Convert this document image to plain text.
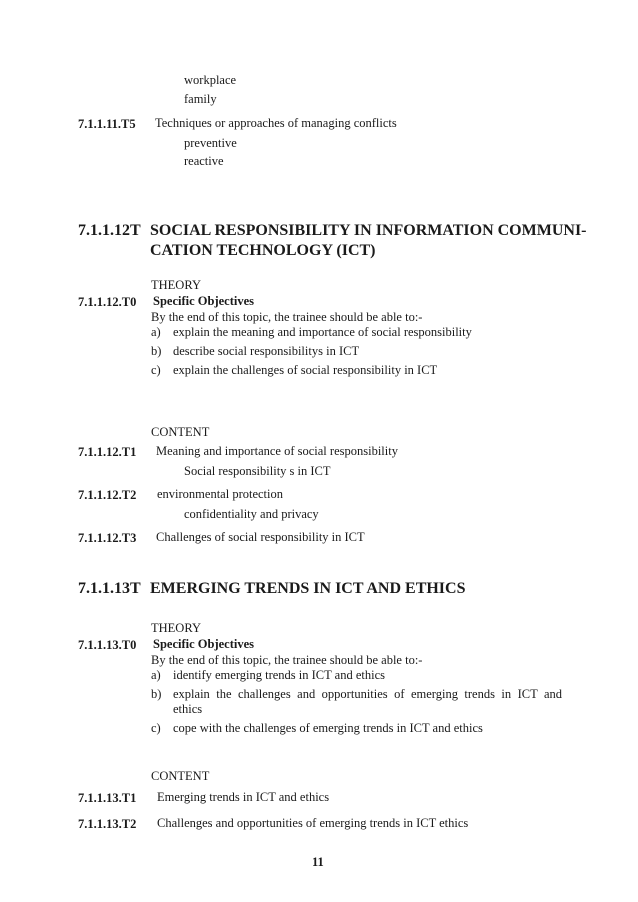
workplace
family
7.1.1.11.T5 Techniques or approaches of managing conflicts
preventive
reactive
7.1.1.12T SOCIAL RESPONSIBILITY IN INFORMATION COMMUNI-
CATION TECHNOLOGY (ICT)
THEORY
7.1.1.12.T0 Specific Objectives
By the end of this topic, the trainee should be able to:-
a) explain the meaning and importance of social responsibility
b) describe social responsibilitys in ICT
c) explain the challenges of social responsibility in ICT
CONTENT
7.1.1.12.T1 Meaning and importance of social responsibility
Social responsibility s in ICT
7.1.1.12.T2 environmental protection
confidentiality and privacy
7.1.1.12.T3 Challenges of social responsibility in ICT
7.1.1.13T EMERGING TRENDS IN ICT AND ETHICS
THEORY
7.1.1.13.T0 Specific Objectives
By the end of this topic, the trainee should be able to:-
a) identify emerging trends in ICT and ethics
b) explain the challenges and opportunities of emerging trends in ICT and
ethics
c) cope with the challenges of emerging trends in ICT and ethics
CONTENT
7.1.1.13.T1 Emerging trends in ICT and ethics
7.1.1.13.T2 Challenges and opportunities of emerging trends in ICT ethics
11
